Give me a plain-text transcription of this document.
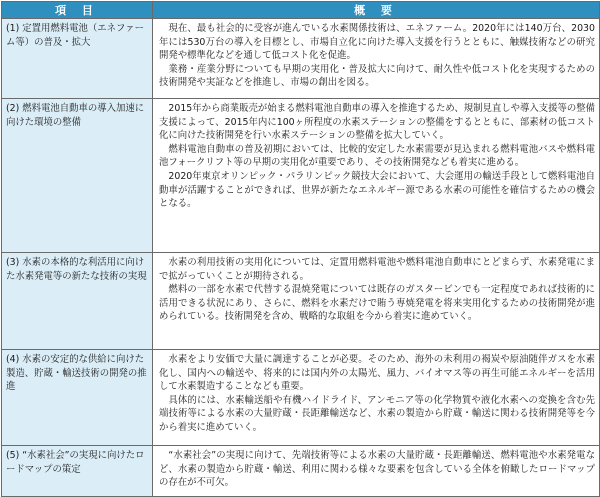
項 目	概 要
(1) 定置用燃料電池（エネファーム等）の普及・拡大	現在、最も社会的に受容が進んでいる水素関係技術は、エネファーム。2020年には140万台、2030年には530万台の導入を目標とし、市場自立化に向けた導入支援を行うとともに、触媒技術などの研究開発や標準化などを通して低コスト化を促進。

業務・産業分野についても早期の実用化・普及拡大に向けて、耐久性や低コスト化を実現するための技術開発や実証などを推進し、市場の創出を図る。

(2) 燃料電池自動車の導入加速に向けた環境の整備	2015年から商業販売が始まる燃料電池自動車の導入を推進するため、規制見直しや導入支援等の整備支援によって、2015年内に100ヶ所程度の水素ステーションの整備をするとともに、部素材の低コスト化に向けた技術開発を行い水素ステーションの整備を拡大していく。

燃料電池自動車の普及初期においては、比較的安定した水素需要が見込まれる燃料電池バスや燃料電池フォークリフト等の早期の実用化が重要であり、その技術開発なども着実に進める。

2020年東京オリンピック・パラリンピック競技大会において、大会運用の輸送手段として燃料電池自動車が活躍することができれば、世界が新たなエネルギー源である水素の可能性を確信するための機会となる。

(3) 水素の本格的な利活用に向けた水素発電等の新たな技術の実現	水素の利用技術の実用化については、定置用燃料電池や燃料電池自動車にとどまらず、水素発電にまで拡がっていくことが期待される。

燃料の一部を水素で代替する混焼発電については既存のガスタービンでも一定程度であれば技術的に活用できる状況にあり、さらに、燃料を水素だけで賄う専焼発電を将来実用化するための技術開発が進められている。技術開発を含め、戦略的な取組を今から着実に進めていく。

(4) 水素の安定的な供給に向けた製造、貯蔵・輸送技術の開発の推進	水素をより安価で大量に調達することが必要。そのため、海外の未利用の褐炭や原油随伴ガスを水素化し、国内への輸送や、将来的には国内外の太陽光、風力、バイオマス等の再生可能エネルギーを活用して水素製造することなども重要。

具体的には、水素輸送船や有機ハイドライド、アンモニア等の化学物質や液化水素への変換を含む先端技術等による水素の大量貯蔵・長距離輸送など、水素の製造から貯蔵・輸送に関わる技術開発等を今から着実に進めていく。

(5) “水素社会”の実現に向けたロードマップの策定	“水素社会”の実現に向けて、先端技術等による水素の大量貯蔵・長距離輸送、燃料電池や水素発電など、水素の製造から貯蔵・輸送、利用に関わる様々な要素を包含している全体を俯瞰したロードマップの存在が不可欠。
